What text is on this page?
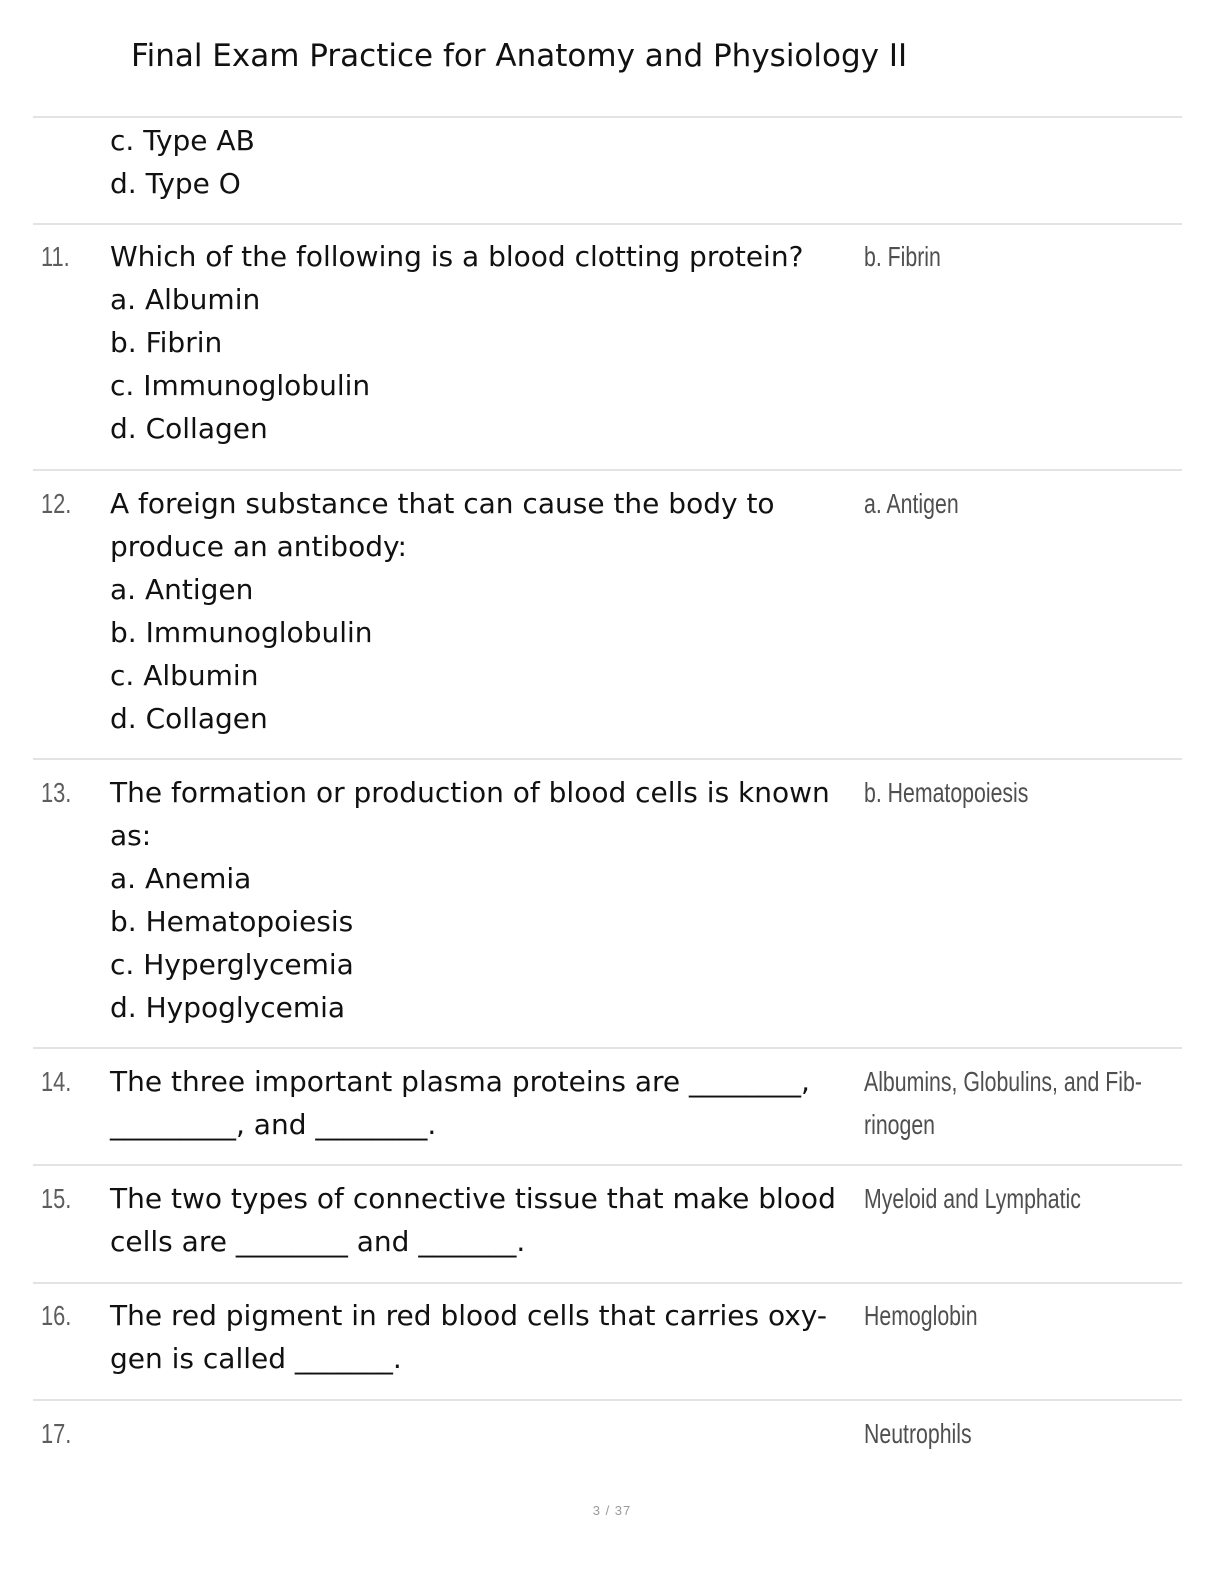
Final Exam Practice for Anatomy and Physiology II
c. Type AB
d. Type O
11. Which of the following is a blood clotting protein?
a. Albumin
b. Fibrin
c. Immunoglobulin
d. Collagen
b. Fibrin
12. A foreign substance that can cause the body to
produce an antibody:
a. Antigen
b. Immunoglobulin
c. Albumin
d. Collagen
a. Antigen
13. The formation or production of blood cells is known
as:
a. Anemia
b. Hematopoiesis
c. Hyperglycemia
d. Hypoglycemia
b. Hematopoiesis
14. The three important plasma proteins are ________,
_________, and ________.
Albumins, Globulins, and Fib-
rinogen
15. The two types of connective tissue that make blood
cells are ________ and _______.
Myeloid and Lymphatic
16. The red pigment in red blood cells that carries oxy-
gen is called _______.
Hemoglobin
17.	Neutrophils
3 / 37
